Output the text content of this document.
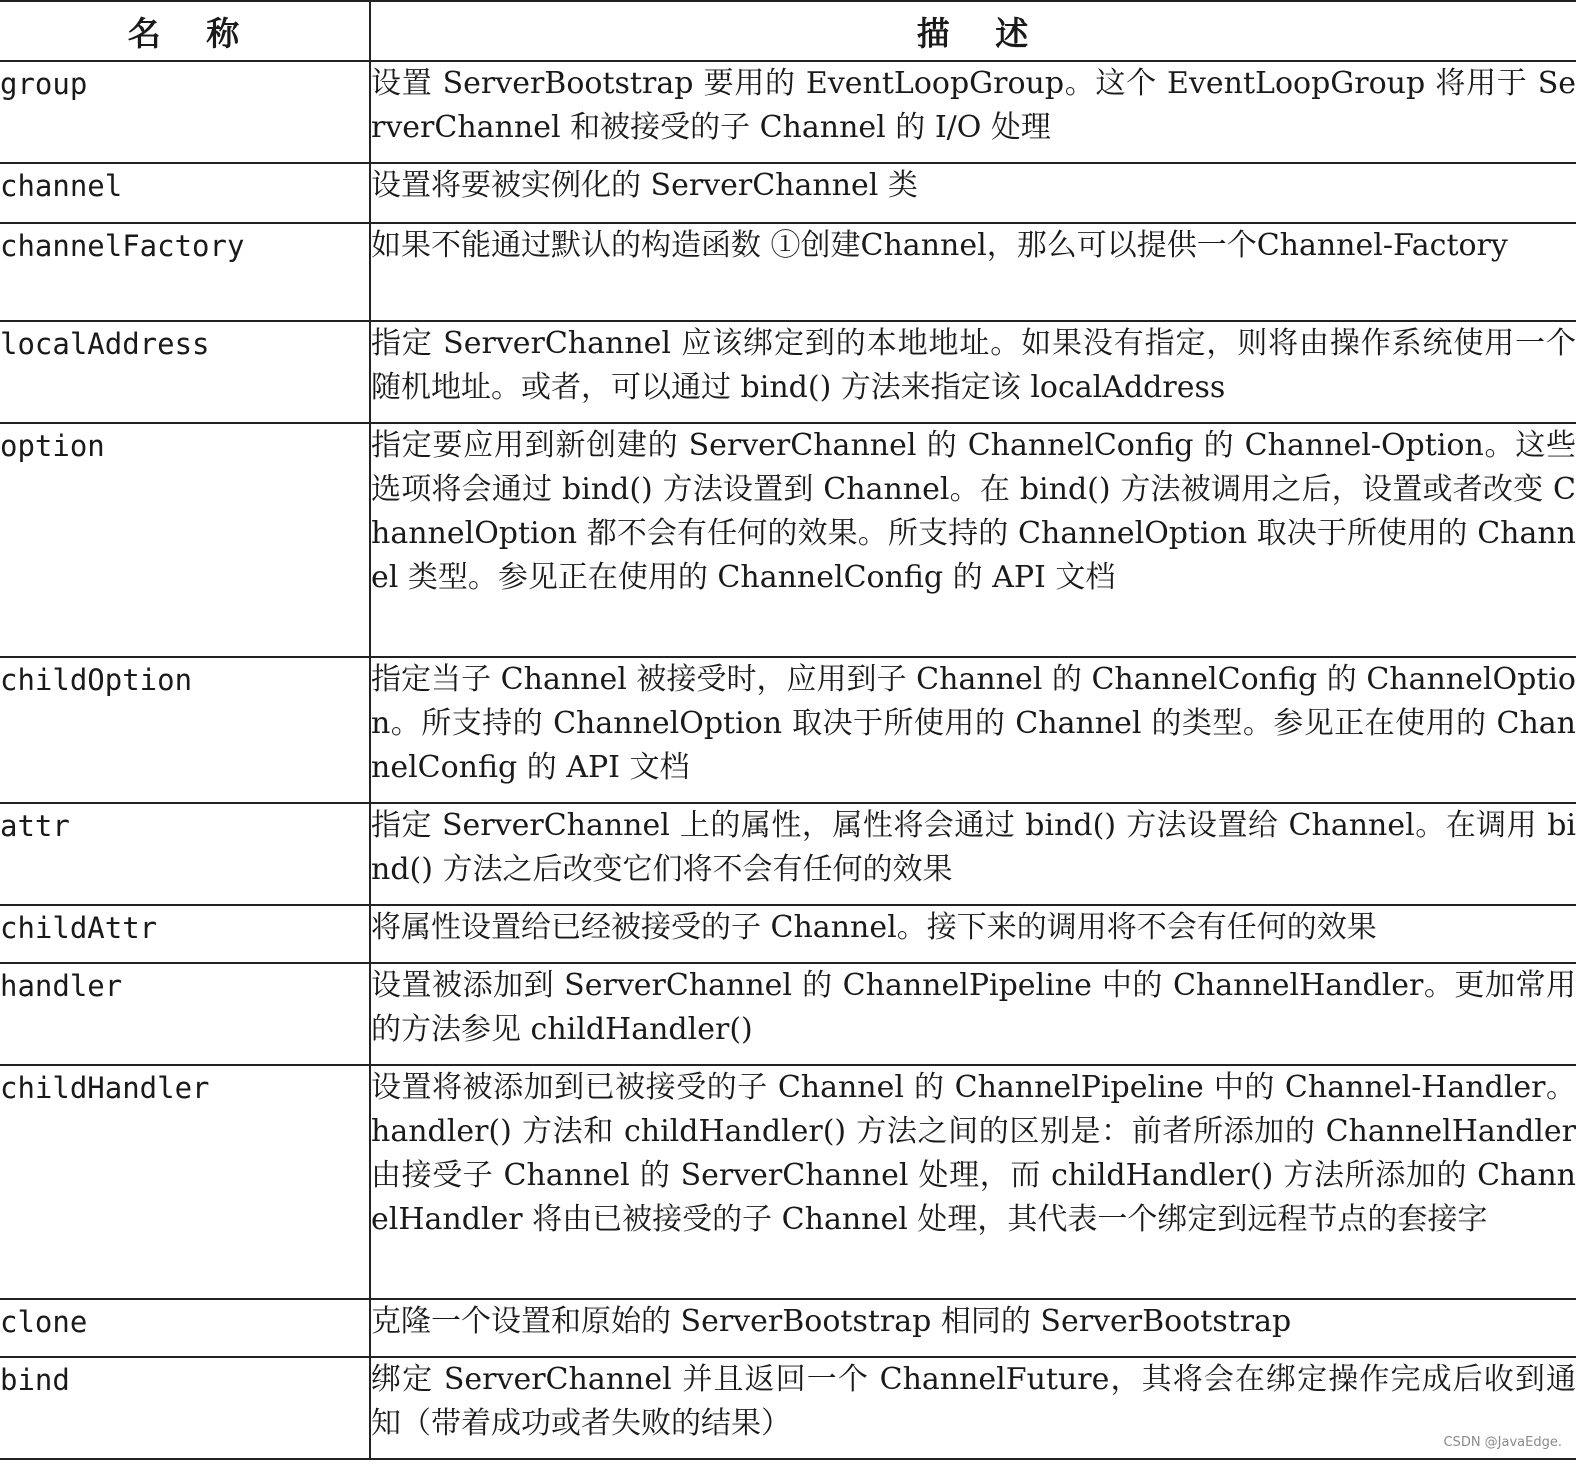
名 称	描 述
group	设置 ServerBootstrap 要用的 EventLoopGroup。这个 EventLoopGroup 将用于 ServerChannel 和被接受的子 Channel 的 I/O 处理
channel	设置将要被实例化的 ServerChannel 类
channelFactory	如果不能通过默认的构造函数 ①创建Channel，那么可以提供一个Channel-Factory
localAddress	指定 ServerChannel 应该绑定到的本地地址。如果没有指定，则将由操作系统使用一个随机地址。或者，可以通过 bind() 方法来指定该 localAddress
option	指定要应用到新创建的 ServerChannel 的 ChannelConfig 的 Channel-Option。这些选项将会通过 bind() 方法设置到 Channel。在 bind() 方法被调用之后，设置或者改变 ChannelOption 都不会有任何的效果。所支持的 ChannelOption 取决于所使用的 Channel 类型。参见正在使用的 ChannelConfig 的 API 文档
childOption	指定当子 Channel 被接受时，应用到子 Channel 的 ChannelConfig 的 ChannelOption。所支持的 ChannelOption 取决于所使用的 Channel 的类型。参见正在使用的 ChannelConfig 的 API 文档
attr	指定 ServerChannel 上的属性，属性将会通过 bind() 方法设置给 Channel。在调用 bind() 方法之后改变它们将不会有任何的效果
childAttr	将属性设置给已经被接受的子 Channel。接下来的调用将不会有任何的效果
handler	设置被添加到 ServerChannel 的 ChannelPipeline 中的 ChannelHandler。更加常用的方法参见 childHandler()
childHandler	设置将被添加到已被接受的子 Channel 的 ChannelPipeline 中的 Channel-Handler。handler() 方法和 childHandler() 方法之间的区别是：前者所添加的 ChannelHandler 由接受子 Channel 的 ServerChannel 处理，而 childHandler() 方法所添加的 ChannelHandler 将由已被接受的子 Channel 处理，其代表一个绑定到远程节点的套接字
clone	克隆一个设置和原始的 ServerBootstrap 相同的 ServerBootstrap
bind	绑定 ServerChannel 并且返回一个 ChannelFuture，其将会在绑定操作完成后收到通知（带着成功或者失败的结果）
CSDN @JavaEdge.
